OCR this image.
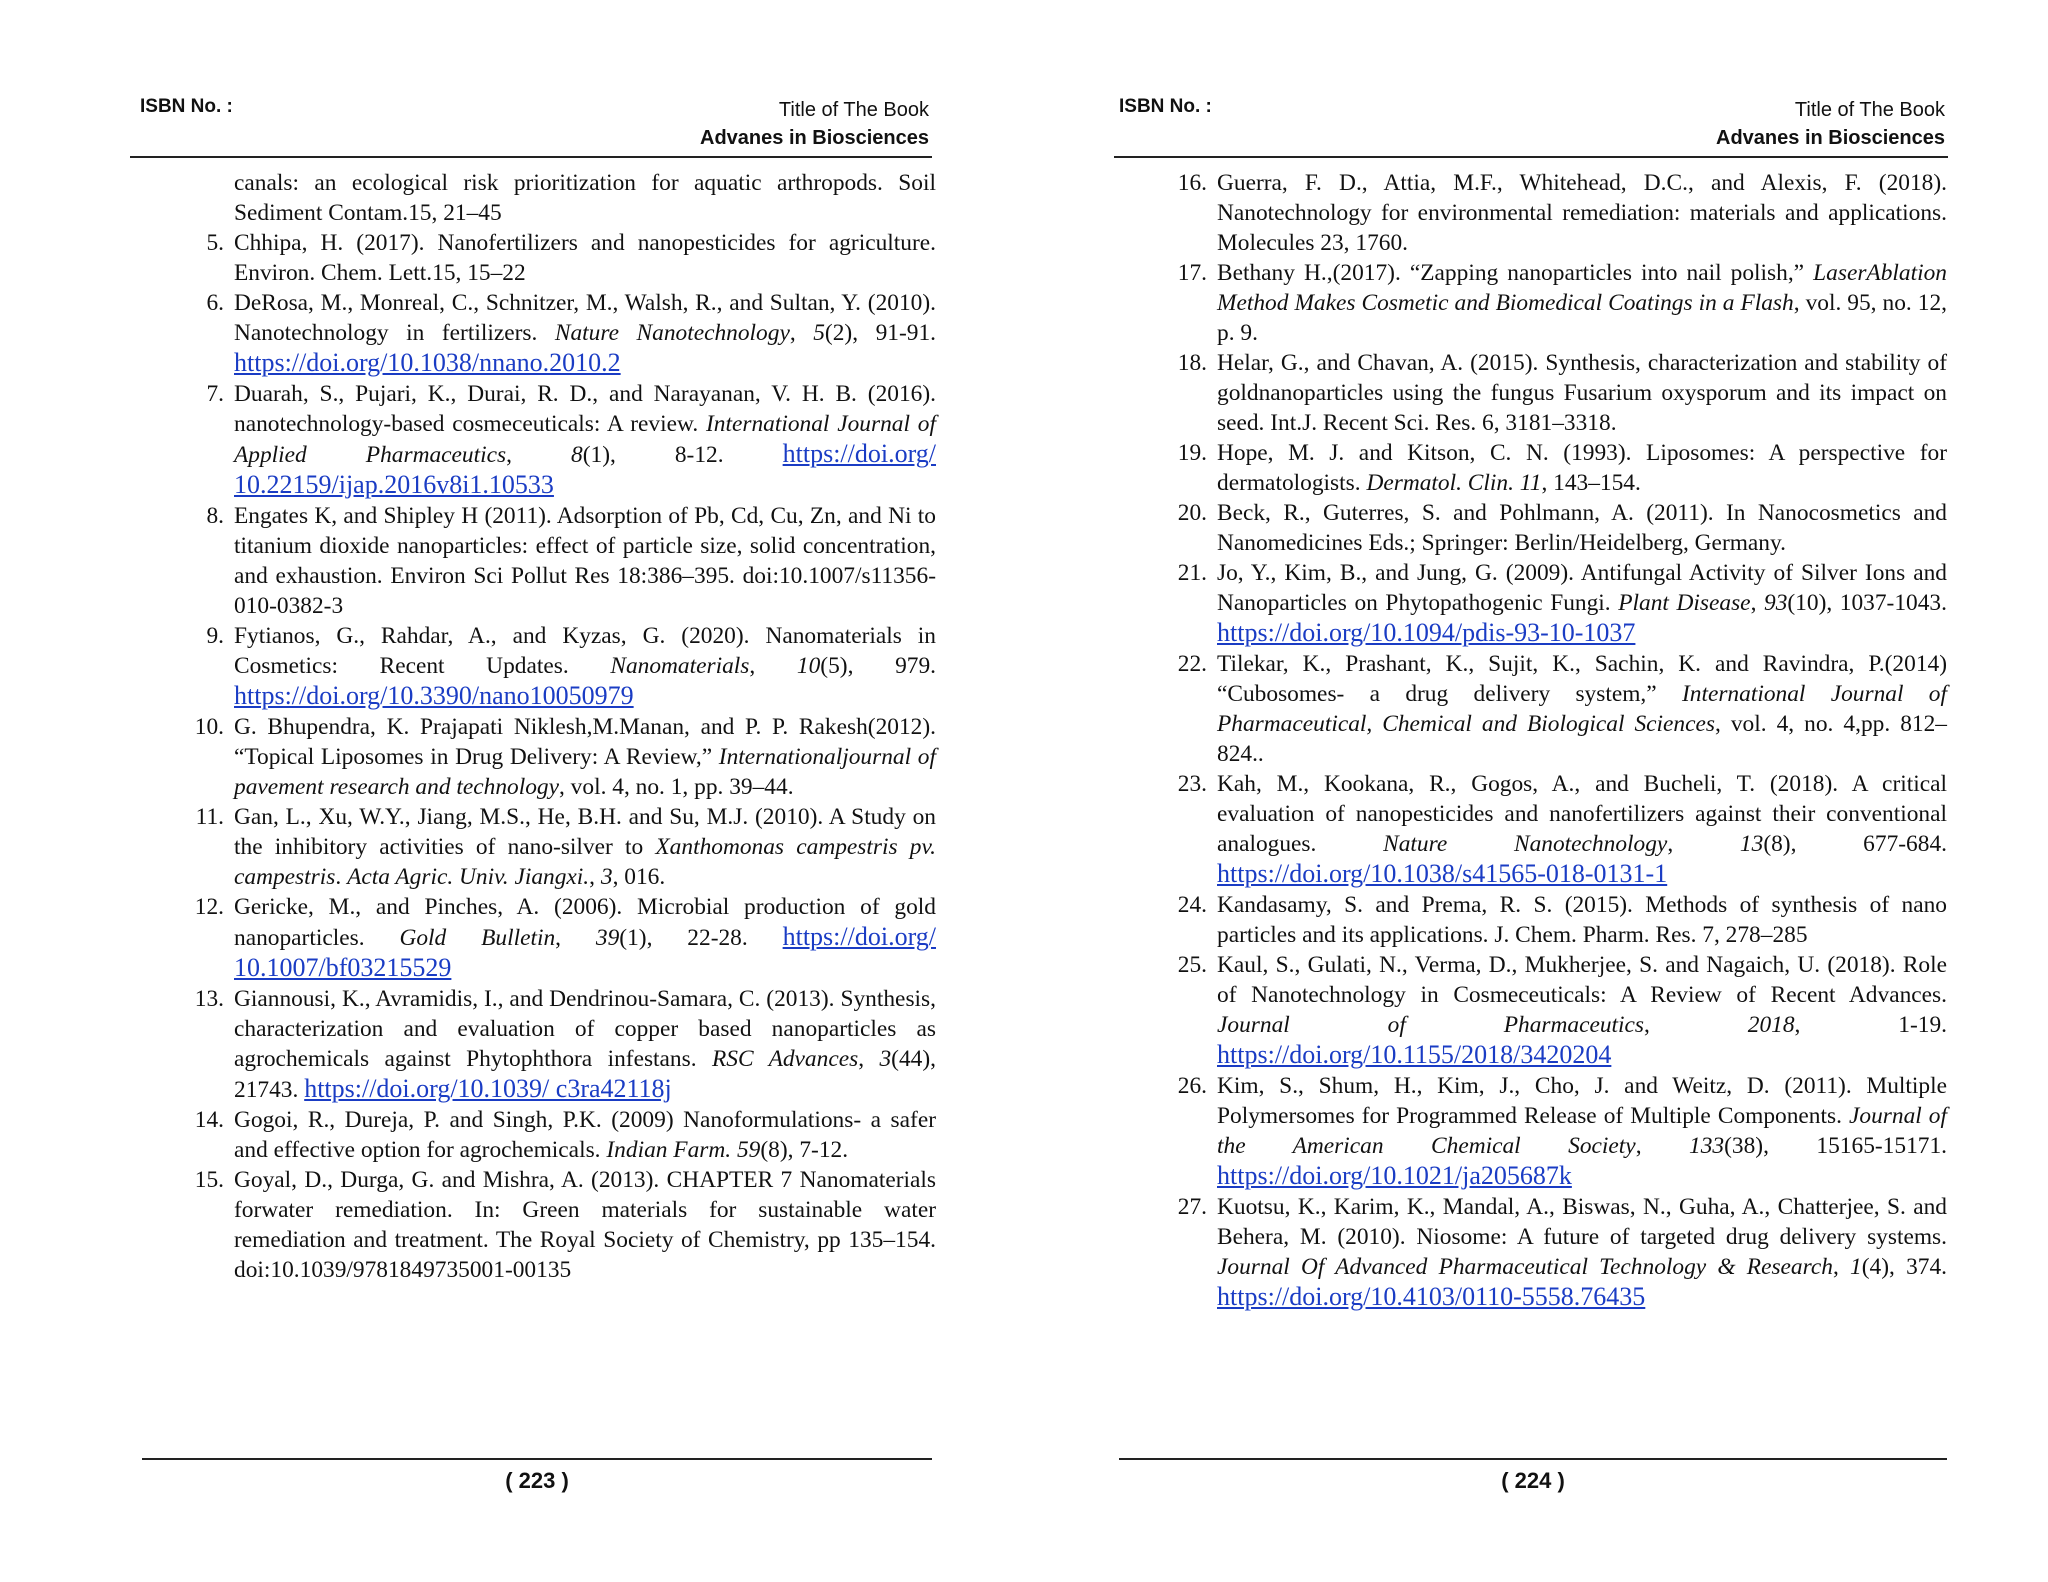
ISBN No. :	Title of The Book
Advanes in Biosciences

canals: an ecological risk prioritization for aquatic arthropods. Soil Sediment Contam.15, 21–45

5. Chhipa, H. (2017). Nanofertilizers and nanopesticides for agriculture. Environ. Chem. Lett.15, 15–22

6. DeRosa, M., Monreal, C., Schnitzer, M., Walsh, R., and Sultan, Y. (2010). Nanotechnology in fertilizers. Nature Nanotechnology, 5(2), 91-91. https://doi.org/10.1038/nnano.2010.2

7. Duarah, S., Pujari, K., Durai, R. D., and Narayanan, V. H. B. (2016). nanotechnology-based cosmeceuticals: A review. International Journal of Applied Pharmaceutics, 8(1), 8-12. https://doi.org/ 10.22159/ijap.2016v8i1.10533

8. Engates K, and Shipley H (2011). Adsorption of Pb, Cd, Cu, Zn, and Ni to titanium dioxide nanoparticles: effect of particle size, solid concentration, and exhaustion. Environ Sci Pollut Res 18:386–395. doi:10.1007/s11356-010-0382-3

9. Fytianos, G., Rahdar, A., and Kyzas, G. (2020). Nanomaterials in Cosmetics: Recent Updates. Nanomaterials, 10(5), 979. https://doi.org/10.3390/nano10050979

10. G. Bhupendra, K. Prajapati Niklesh,M.Manan, and P. P. Rakesh(2012). “Topical Liposomes in Drug Delivery: A Review,” Internationaljournal of pavement research and technology, vol. 4, no. 1, pp. 39–44.

11. Gan, L., Xu, W.Y., Jiang, M.S., He, B.H. and Su, M.J. (2010). A Study on the inhibitory activities of nano-silver to Xanthomonas campestris pv. campestris. Acta Agric. Univ. Jiangxi., 3, 016.

12. Gericke, M., and Pinches, A. (2006). Microbial production of gold nanoparticles. Gold Bulletin, 39(1), 22-28. https://doi.org/ 10.1007/bf03215529

13. Giannousi, K., Avramidis, I., and Dendrinou-Samara, C. (2013). Synthesis, characterization and evaluation of copper based nanoparticles as agrochemicals against Phytophthora infestans. RSC Advances, 3(44), 21743. https://doi.org/10.1039/ c3ra42118j

14. Gogoi, R., Dureja, P. and Singh, P.K. (2009) Nanoformulations- a safer and effective option for agrochemicals. Indian Farm. 59(8), 7-12.

15. Goyal, D., Durga, G. and Mishra, A. (2013). CHAPTER 7 Nanomaterials forwater remediation. In: Green materials for sustainable water remediation and treatment. The Royal Society of Chemistry, pp 135–154. doi:10.1039/9781849735001-00135

( 223 )
ISBN No. :	Title of The Book
Advanes in Biosciences

16. Guerra, F. D., Attia, M.F., Whitehead, D.C., and Alexis, F. (2018). Nanotechnology for environmental remediation: materials and applications. Molecules 23, 1760.

17. Bethany H.,(2017). “Zapping nanoparticles into nail polish,” LaserAblation Method Makes Cosmetic and Biomedical Coatings in a Flash, vol. 95, no. 12, p. 9.

18. Helar, G., and Chavan, A. (2015). Synthesis, characterization and stability of goldnanoparticles using the fungus Fusarium oxysporum and its impact on seed. Int.J. Recent Sci. Res. 6, 3181–3318.

19. Hope, M. J. and Kitson, C. N. (1993). Liposomes: A perspective for dermatologists. Dermatol. Clin. 11, 143–154.

20. Beck, R., Guterres, S. and Pohlmann, A. (2011). In Nanocosmetics and Nanomedicines Eds.; Springer: Berlin/Heidelberg, Germany.

21. Jo, Y., Kim, B., and Jung, G. (2009). Antifungal Activity of Silver Ions and Nanoparticles on Phytopathogenic Fungi. Plant Disease, 93(10), 1037-1043. https://doi.org/10.1094/pdis-93-10-1037

22. Tilekar, K., Prashant, K., Sujit, K., Sachin, K. and Ravindra, P.(2014) “Cubosomes- a drug delivery system,” International Journal of Pharmaceutical, Chemical and Biological Sciences, vol. 4, no. 4,pp. 812–824..

23. Kah, M., Kookana, R., Gogos, A., and Bucheli, T. (2018). A critical evaluation of nanopesticides and nanofertilizers against their conventional analogues.	Nature Nanotechnology,	13(8), 677-684. https://doi.org/10.1038/s41565-018-0131-1

24. Kandasamy, S. and Prema, R. S. (2015). Methods of synthesis of nano particles and its applications. J. Chem. Pharm. Res. 7, 278–285

25. Kaul, S., Gulati, N., Verma, D., Mukherjee, S. and Nagaich, U. (2018). Role of Nanotechnology in Cosmeceuticals: A Review of Recent Advances. Journal of Pharmaceutics,	2018, 1-19. https://doi.org/10.1155/2018/3420204

26. Kim, S., Shum, H., Kim, J., Cho, J. and Weitz, D. (2011). Multiple Polymersomes for Programmed Release of Multiple Components. Journal of the American Chemical Society, 133(38), 15165-15171. https://doi.org/10.1021/ja205687k

27. Kuotsu, K., Karim, K., Mandal, A., Biswas, N., Guha, A., Chatterjee, S. and Behera, M. (2010). Niosome: A future of targeted drug delivery systems. Journal Of Advanced Pharmaceutical Technology & Research, 1(4), 374. https://doi.org/10.4103/0110-5558.76435

( 224 )
